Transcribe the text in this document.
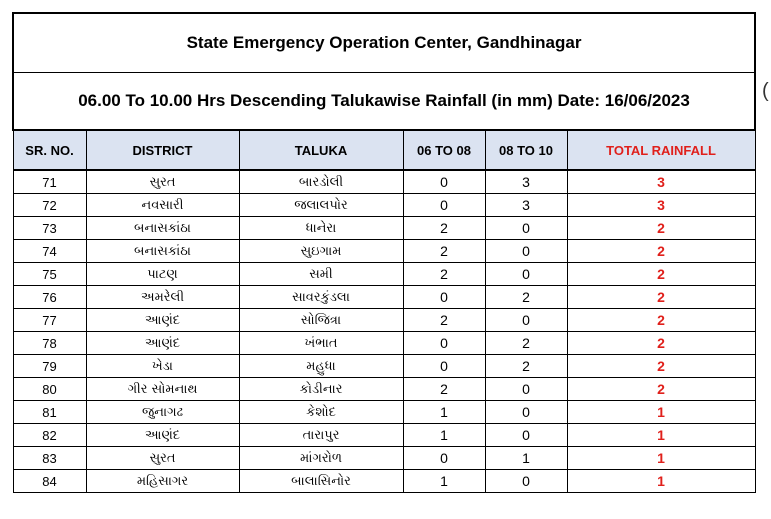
State Emergency Operation Center, Gandhinagar					
06.00 To 10.00 Hrs Descending Talukawise Rainfall (in mm) Date: 16/06/2023					
SR. NO.	DISTRICT	TALUKA	06 TO 08	08 TO 10	TOTAL RAINFALL
71	સુરત	બારડોલી	0	3	3
72	નવસારી	જલાલપોર	0	3	3
73	બનાસકાંઠા	ધાનેરા	2	0	2
74	બનાસકાંઠા	સુઇગામ	2	0	2
75	પાટણ	સમી	2	0	2
76	અમરેલી	સાવરકુંડલા	0	2	2
77	આણંદ	સોજિત્રા	2	0	2
78	આણંદ	ખંભાત	0	2	2
79	ખેડા	મહુધા	0	2	2
80	ગીર સોમનાથ	કોડીનાર	2	0	2
81	જુનાગઢ	કેશોદ	1	0	1
82	આણંદ	તારાપુર	1	0	1
83	સુરત	માંગરોળ	0	1	1
84	મહિસાગર	બાલાસિનોર	1	0	1
(
